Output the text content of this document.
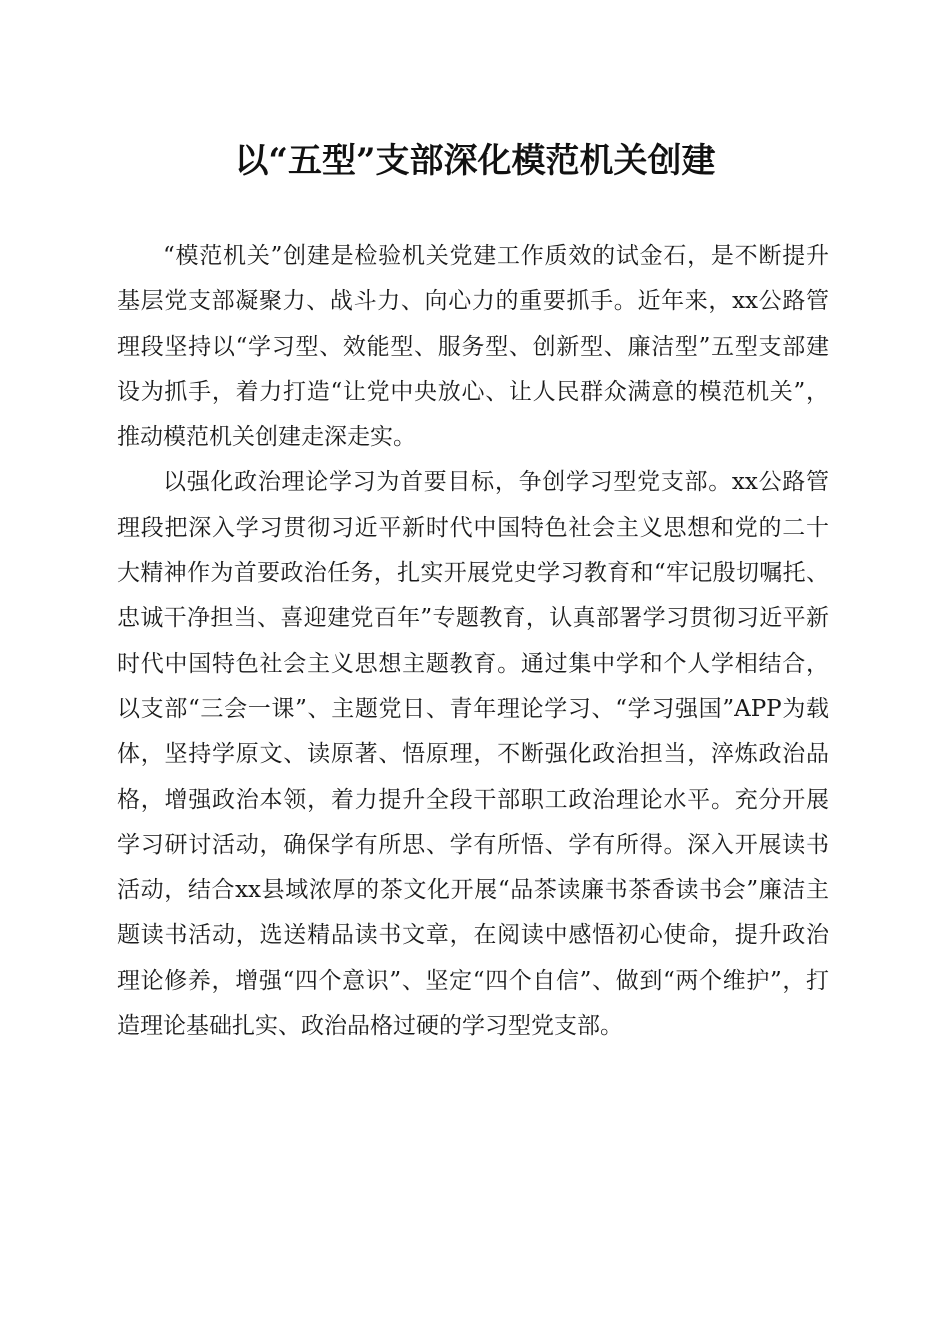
以“五型”支部深化模范机关创建

“模范机关”创建是检验机关党建工作质效的试金石，是不断提升基层党支部凝聚力、战斗力、向心力的重要抓手。近年来，xx公路管理段坚持以“学习型、效能型、服务型、创新型、廉洁型”五型支部建设为抓手，着力打造“让党中央放心、让人民群众满意的模范机关”，推动模范机关创建走深走实。

以强化政治理论学习为首要目标，争创学习型党支部。xx公路管理段把深入学习贯彻习近平新时代中国特色社会主义思想和党的二十大精神作为首要政治任务，扎实开展党史学习教育和“牢记殷切嘱托、忠诚干净担当、喜迎建党百年”专题教育，认真部署学习贯彻习近平新时代中国特色社会主义思想主题教育。通过集中学和个人学相结合，以支部“三会一课”、主题党日、青年理论学习、“学习强国”APP为载体，坚持学原文、读原著、悟原理，不断强化政治担当，淬炼政治品格，增强政治本领，着力提升全段干部职工政治理论水平。充分开展学习研讨活动，确保学有所思、学有所悟、学有所得。深入开展读书活动，结合xx县域浓厚的茶文化开展“品茶读廉书茶香读书会”廉洁主题读书活动，选送精品读书文章，在阅读中感悟初心使命，提升政治理论修养，增强“四个意识”、坚定“四个自信”、做到“两个维护”，打造理论基础扎实、政治品格过硬的学习型党支部。
